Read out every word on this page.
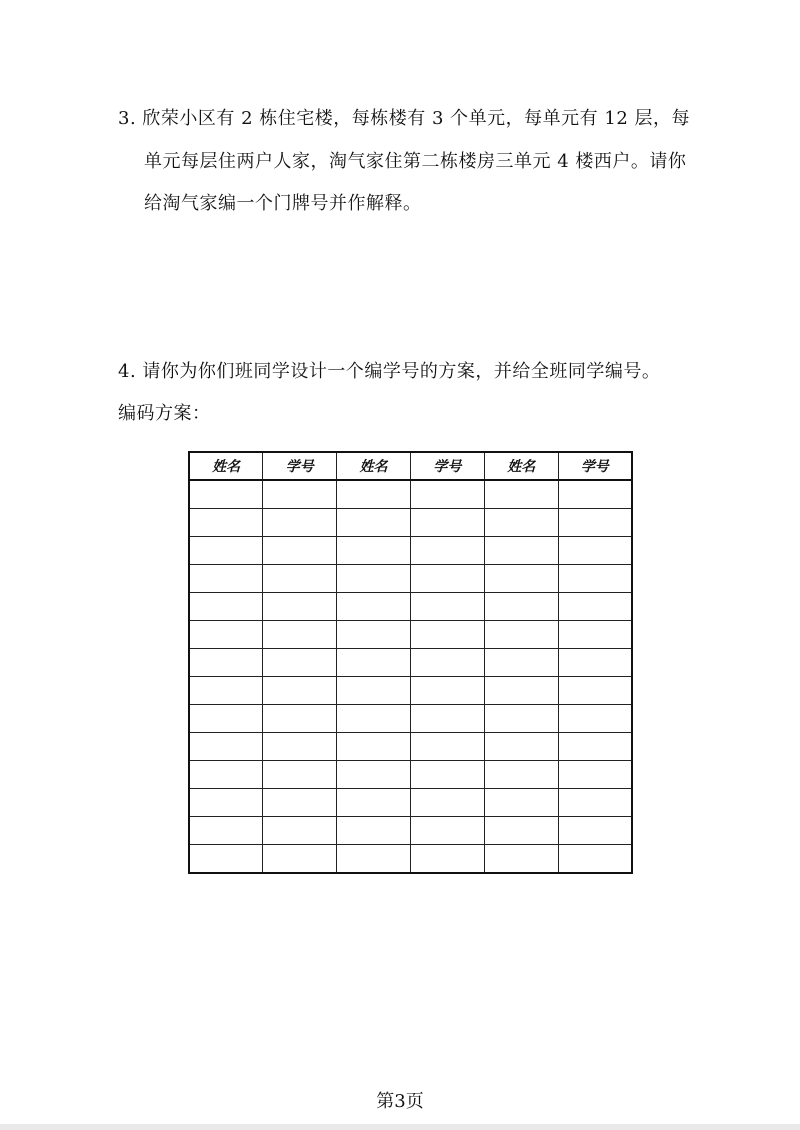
3. 欣荣小区有 2 栋住宅楼，每栋楼有 3 个单元，每单元有 12 层，每
单元每层住两户人家，淘气家住第二栋楼房三单元 4 楼西户。请你
给淘气家编一个门牌号并作解释。
4. 请你为你们班同学设计一个编学号的方案，并给全班同学编号。
编码方案：
姓名	学号	姓名	学号	姓名	学号

第3页
